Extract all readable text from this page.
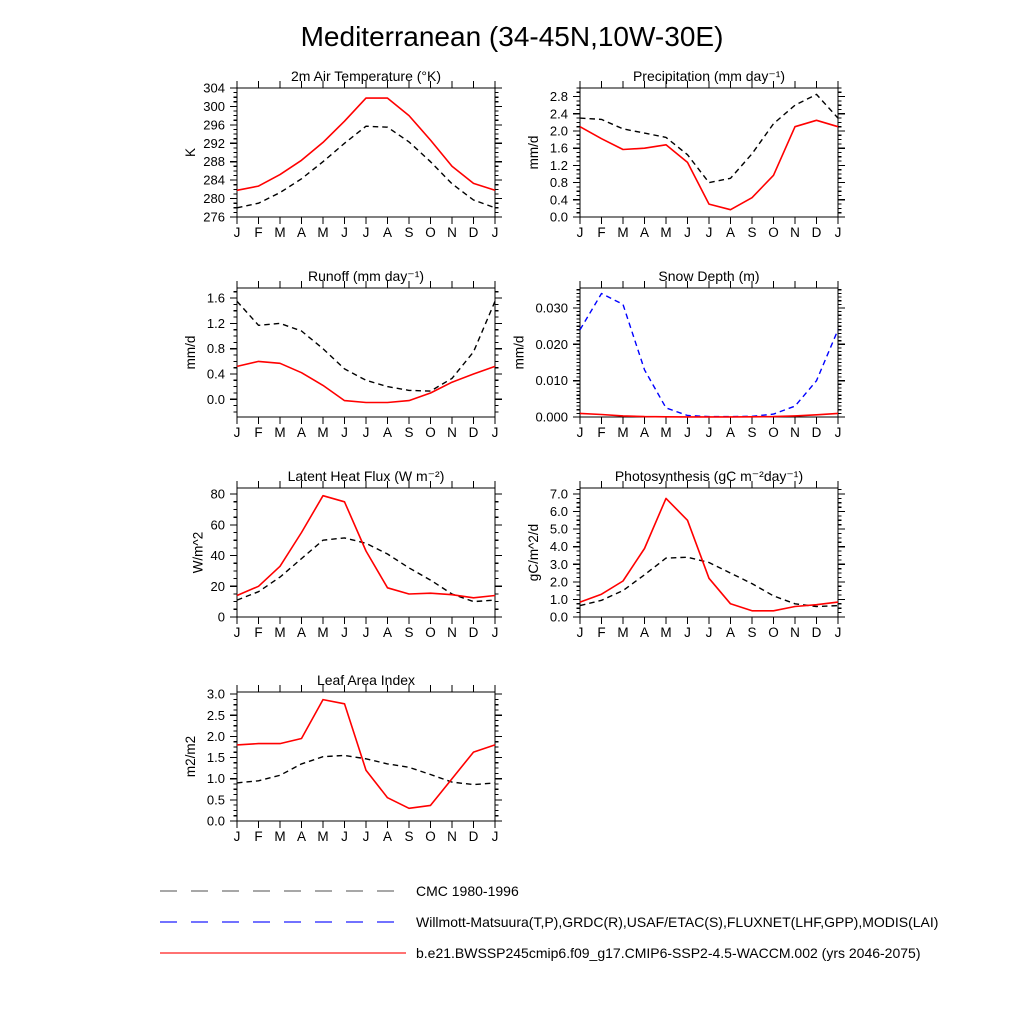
Mediterranean (34-45N,10W-30E)
2m Air Temperature (°K)
276
280
284
288
292
296
300
304
J F M A M J J A S O N D J
K
Precipitation (mm day⁻¹)
0.0
0.4
0.8
1.2
1.6
2.0
2.4
2.8
J F M A M J J A S O N D J
mm/d
Runoff (mm day⁻¹)
0.0
0.4
0.8
1.2
1.6
J F M A M J J A S O N D J
mm/d
Snow Depth (m)
0.000
0.010
0.020
0.030
J F M A M J J A S O N D J
mm/d
Latent Heat Flux (W m⁻²)
0
20
40
60
80
J F M A M J J A S O N D J
W/m^2
Photosynthesis (gC m⁻²day⁻¹)
0.0
1.0
2.0
3.0
4.0
5.0
6.0
7.0
J F M A M J J A S O N D J
gC/m^2/d
Leaf Area Index
0.0
0.5
1.0
1.5
2.0
2.5
3.0
J F M A M J J A S O N D J
m2/m2
CMC 1980-1996
Willmott-Matsuura(T,P),GRDC(R),USAF/ETAC(S),FLUXNET(LHF,GPP),MODIS(LAI)
b.e21.BWSSP245cmip6.f09_g17.CMIP6-SSP2-4.5-WACCM.002 (yrs 2046-2075)
